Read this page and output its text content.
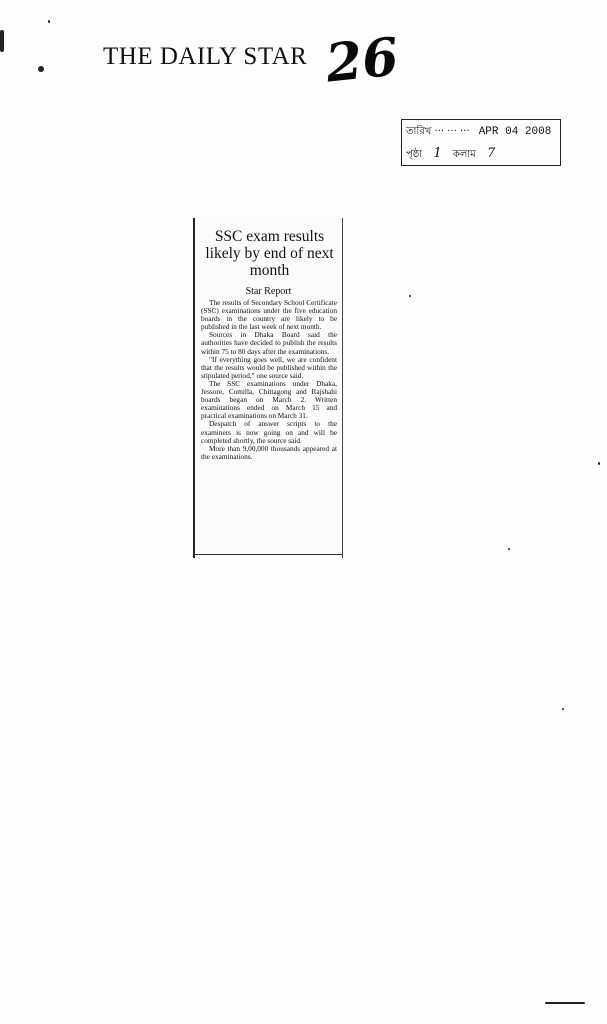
THE DAILY STAR 26
তারিখ ··· ··· ··· APR 04 2008
পৃষ্ঠা 1 কলাম 7
SSC exam results likely by end of next month
Star Report

The results of Secondary School Certificate (SSC) examinations under the five education boards in the country are likely to be published in the last week of next month.

Sources in Dhaka Board said the authorities have decided to publish the results within 75 to 80 days after the examinations.

"If everything goes well, we are confident that the results would be published within the stipulated period," one source said.

The SSC examinations under Dhaka, Jessore, Comilla, Chittagong and Rajshahi boards began on March 2. Written examinations ended on March 15 and practical examinations on March 31.

Despatch of answer scripts to the examiners is now going on and will be completed shortly, the source said.

More than 9,00,000 thousands appeared at the examinations.
